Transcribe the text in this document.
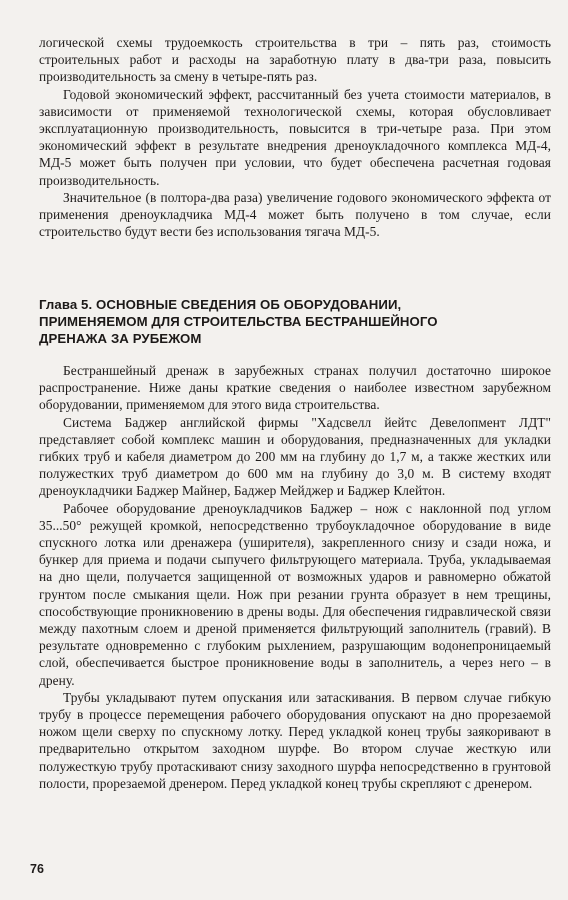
логической схемы трудоемкость строительства в три – пять раз, стоимость строительных работ и расходы на заработную плату в два-три раза, повысить производительность за смену в четыре-пять раз.

Годовой экономический эффект, рассчитанный без учета стоимости материалов, в зависимости от применяемой технологической схемы, которая обусловливает эксплуатационную производительность, повысится в три-четыре раза. При этом экономический эффект в результате внедрения дреноукладочного комплекса МД-4, МД-5 может быть получен при условии, что будет обеспечена расчетная годовая производительность.

Значительное (в полтора-два раза) увеличение годового экономического эффекта от применения дреноукладчика МД-4 может быть получено в том случае, если строительство будут вести без использования тягача МД-5.

Глава 5. ОСНОВНЫЕ СВЕДЕНИЯ ОБ ОБОРУДОВАНИИ,

ПРИМЕНЯЕМОМ ДЛЯ СТРОИТЕЛЬСТВА БЕСТРАНШЕЙНОГО

ДРЕНАЖА ЗА РУБЕЖОМ

Бестраншейный дренаж в зарубежных странах получил достаточно широкое распространение. Ниже даны краткие сведения о наиболее известном зарубежном оборудовании, применяемом для этого вида строительства.

Система Баджер английской фирмы "Хадсвелл йейтс Девелопмент ЛДТ" представляет собой комплекс машин и оборудования, предназначенных для укладки гибких труб и кабеля диаметром до 200 мм на глубину до 1,7 м, а также жестких или полужестких труб диаметром до 600 мм на глубину до 3,0 м. В систему входят дреноукладчики Баджер Майнер, Баджер Мейджер и Баджер Клейтон.

Рабочее оборудование дреноукладчиков Баджер – нож с наклонной под углом 35...50° режущей кромкой, непосредственно трубоукладочное оборудование в виде спускного лотка или дренажера (уширителя), закрепленного снизу и сзади ножа, и бункер для приема и подачи сыпучего фильтрующего материала. Труба, укладываемая на дно щели, получается защищенной от возможных ударов и равномерно обжатой грунтом после смыкания щели. Нож при резании грунта образует в нем трещины, способствующие проникновению в дрены воды. Для обеспечения гидравлической связи между пахотным слоем и дреной применяется фильтрующий заполнитель (гравий). В результате одновременно с глубоким рыхлением, разрушающим водонепроницаемый слой, обеспечивается быстрое проникновение воды в заполнитель, а через него – в дрену.

Трубы укладывают путем опускания или затаскивания. В первом случае гибкую трубу в процессе перемещения рабочего оборудования опускают на дно прорезаемой ножом щели сверху по спускному лотку. Перед укладкой конец трубы заякоривают в предварительно открытом заходном шурфе. Во втором случае жесткую или полужесткую трубу протаскивают снизу заходного шурфа непосредственно в грунтовой полости, прорезаемой дренером. Перед укладкой конец трубы скрепляют с дренером.

76
